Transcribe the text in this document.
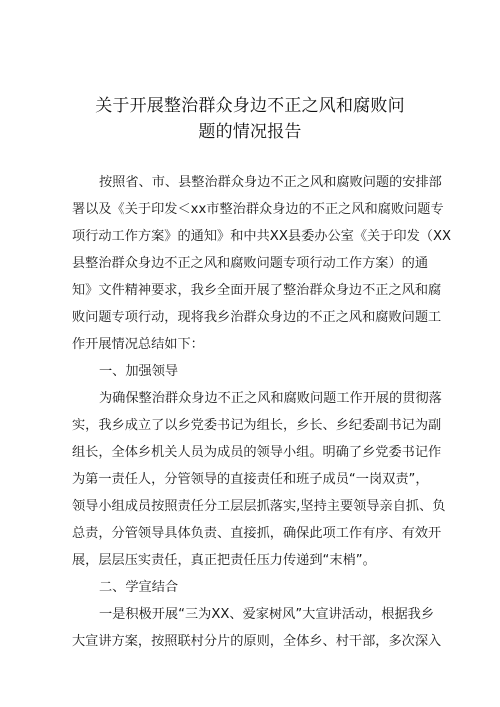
关于开展整治群众身边不正之风和腐败问
题的情况报告
按照省、市、县整治群众身边不正之风和腐败问题的安排部
署以及《关于印发＜xx市整治群众身边的不正之风和腐败问题专
项行动工作方案》的通知》和中共XX县委办公室《关于印发（XX
县整治群众身边不正之风和腐败问题专项行动工作方案）的通
知》文件精神要求，我乡全面开展了整治群众身边不正之风和腐
败问题专项行动，现将我乡治群众身边的不正之风和腐败问题工
作开展情况总结如下：
一、加强领导
为确保整治群众身边不正之风和腐败问题工作开展的贯彻落
实，我乡成立了以乡党委书记为组长，乡长、乡纪委副书记为副
组长，全体乡机关人员为成员的领导小组。明确了乡党委书记作
为第一责任人，分管领导的直接责任和班子成员“一岗双责”，
领导小组成员按照责任分工层层抓落实,坚持主要领导亲自抓、负
总责，分管领导具体负责、直接抓，确保此项工作有序、有效开
展，层层压实责任，真正把责任压力传递到“末梢”。
二、学宣结合
一是积极开展“三为XX、爱家树风”大宣讲活动，根据我乡
大宣讲方案，按照联村分片的原则，全体乡、村干部，多次深入
